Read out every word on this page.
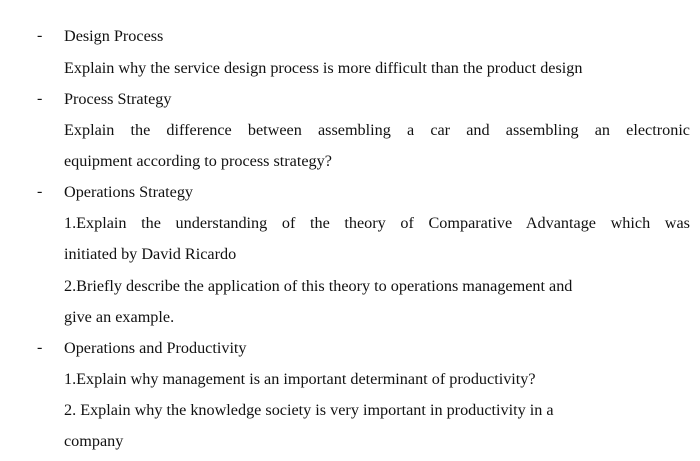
- Design Process
Explain why the service design process is more difficult than the product design
- Process Strategy
Explain the difference between assembling a car and assembling an electronic
equipment according to process strategy?
- Operations Strategy
1.Explain the understanding of the theory of Comparative Advantage which was
initiated by David Ricardo
2.Briefly describe the application of this theory to operations management and
give an example.
- Operations and Productivity
1.Explain why management is an important determinant of productivity?
2. Explain why the knowledge society is very important in productivity in a
company
